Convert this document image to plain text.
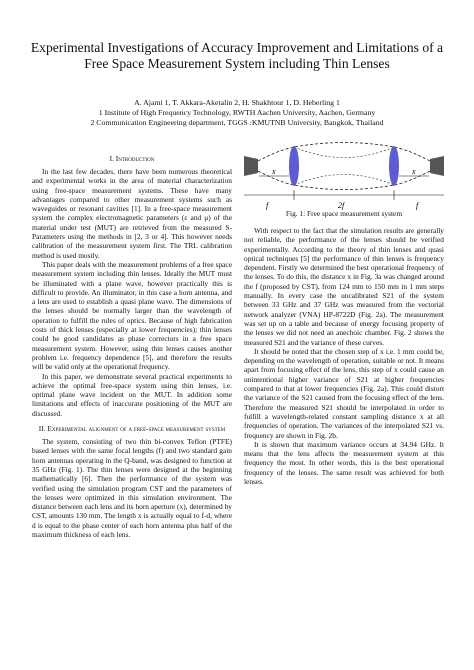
Experimental Investigations of Accuracy Improvement and Limitations of a Free Space Measurement System including Thin Lenses
A. Ajami 1, T. Akkara-Aketalin 2, H. Shakhtour 1, D. Heberling 1
1 Institute of High Frequency Technology, RWTH Aachen University, Aachen, Germany
2 Communication Engineering department, TGGS :KMUTNB University, Bangkok, Thailand
I. Introduction

In the last few decades, there have been numerous theoretical and experimental works in the area of material characterization using free-space measurement systems. These have many advantages compared to other measurement systems such as waveguides or resonant cavities [1]. In a free-space measurement system the complex electromagnetic parameters (ε and μ) of the material under test (MUT) are retrieved from the measured S-Parameters using the methods in [2, 3 or 4]. This however needs calibration of the measurement system first. The TRL calibration method is used mostly.

This paper deals with the measurement problems of a free space measurement system including thin lenses. Ideally the MUT must be illuminated with a plane wave, however practically this is difficult to provide. An illuminator, in this case a horn antenna, and a lens are used to establish a quasi plane wave. The dimensions of the lenses should be normally larger than the wavelength of operation to fulfill the rules of optics. Because of high fabrication costs of thick lenses (especially at lower frequencies); thin lenses could be good candidates as phase correctors in a free space measurement system. However, using thin lenses causes another problem i.e. frequency dependence [5], and therefore the results will be valid only at the operational frequency.

In this paper, we demonstrate several practical experiments to achieve the optimal free-space system using thin lenses, i.e. optimal plane wave incident on the MUT. In addition some limitations and effects of inaccurate positioning of the MUT are discussed.

II. Experimental alignment of a free-space measurement system

The system, consisting of two thin bi-convex Teflon (PTFE) based lenses with the same focal lengths (f) and two standard gain horn antennas operating in the Q-band, was designed to function at 35 GHz (Fig. 1). The thin lenses were designed at the beginning mathematically [6]. Then the performance of the system was verified using the simulation program CST and the parameters of the lenses were optimized in this simulation environment. The distance between each lens and its horn aperture (x), determined by CST, amounts 130 mm. The length x is actually equal to f-d, where d is equal to the phase center of each horn antenna plus half of the maximum thickness of each lens.

x	x
f	2f	f
Fig. 1: Free space measurement system

With respect to the fact that the simulation results are generally not reliable, the performance of the lenses should be verified experimentally. According to the theory of thin lenses and quasi optical techniques [5] the performance of thin lenses is frequency dependent. Firstly we determined the best operational frequency of the lenses. To do this, the distance x in Fig. 3a was changed around the f (proposed by CST), from 124 mm to 150 mm in 1 mm steps manually. In every case the uncalibrated S21 of the system between 33 GHz and 37 GHz was measured from the vectorial network analyzer (VNA) HP-8722D (Fig. 2a). The measurement was set up on a table and because of energy focusing property of the lenses we did not need an anechoic chamber. Fig. 2 shows the measured S21 and the variance of these curves.

It should be noted that the chosen step of x i.e. 1 mm could be, depending on the wavelength of operation, suitable or not. It means apart from focusing effect of the lens, this step of x could cause an unintentional higher variance of S21 at higher frequencies compared to that at lower frequencies (Fig. 2a). This could distort the variance of the S21 caused from the focusing effect of the lens. Therefore the measured S21 should be interpolated in order to fulfill a wavelength-related constant sampling distance x at all frequencies of operation. The variances of the interpolated S21 vs. frequency are shown in Fig. 2b.

It is shown that maximum variance occurs at 34.94 GHz. It means that the lens affects the measurement system at this frequency the most. In other words, this is the best operational frequency of the lenses. The same result was achieved for both lenses.
